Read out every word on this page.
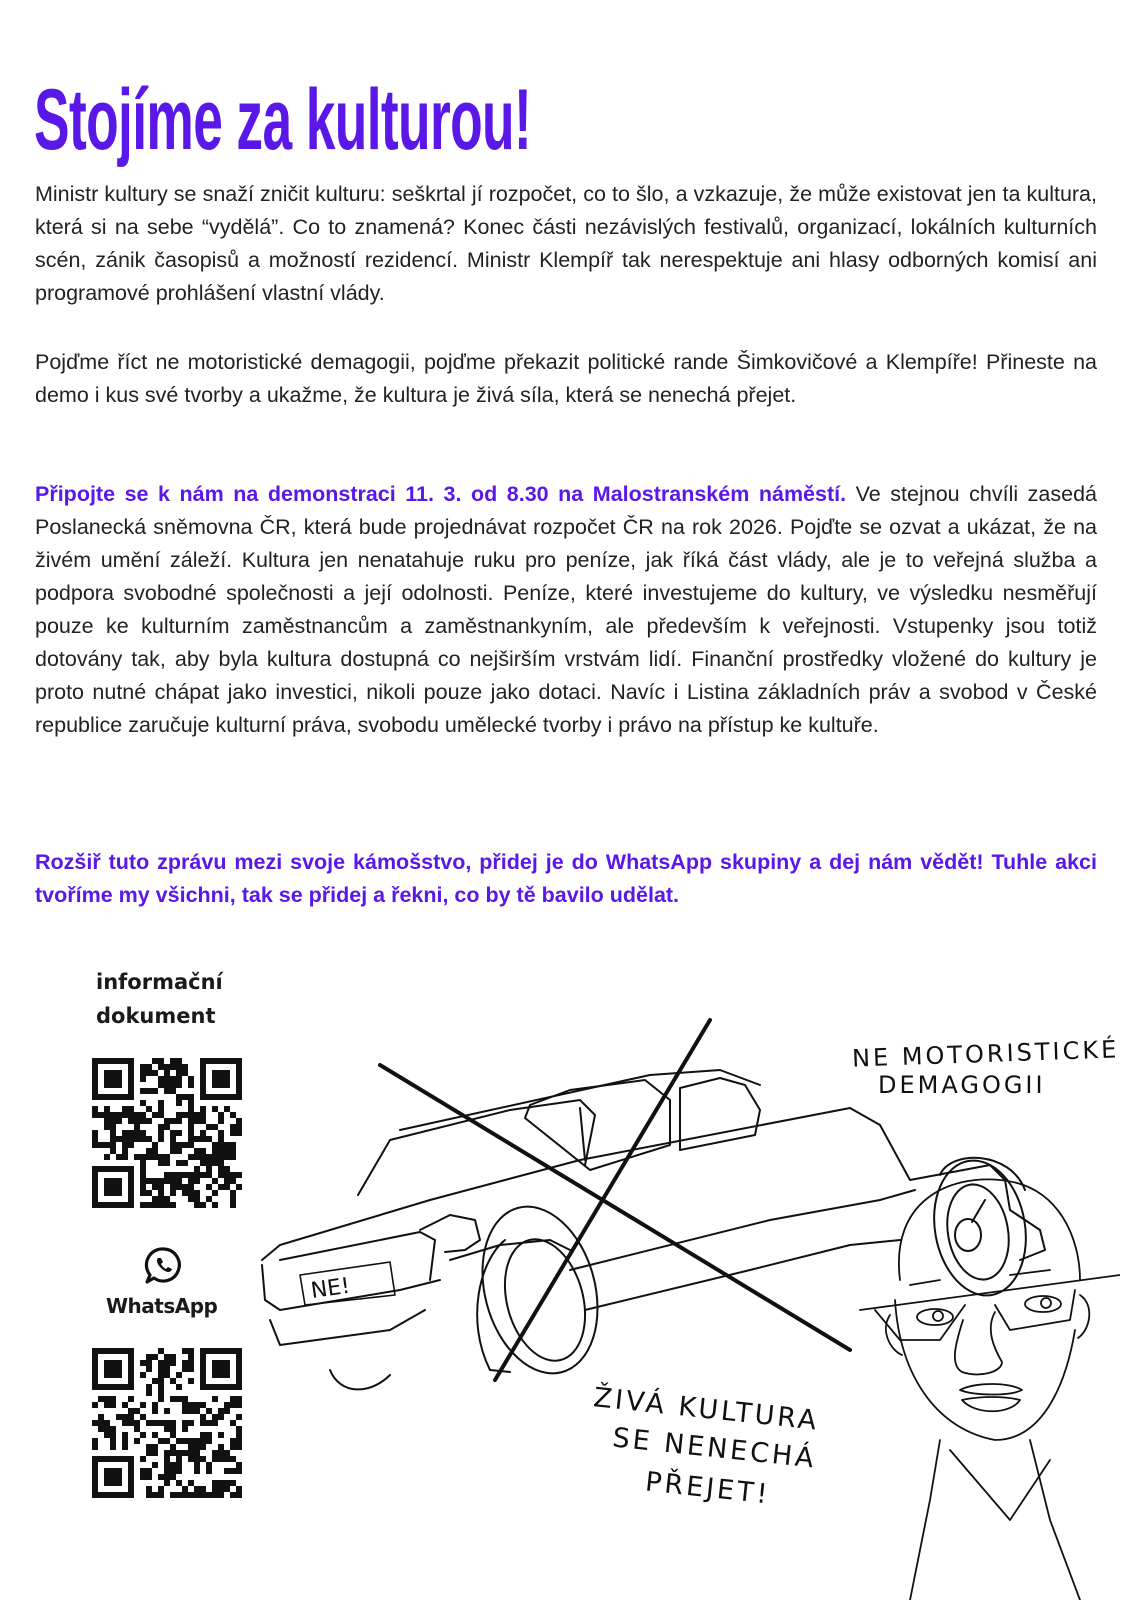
Stojíme za kulturou!

Ministr kultury se snaží zničit kulturu: seškrtal jí rozpočet, co to šlo, a vzkazuje, že může existovat jen ta kultura, která si na sebe “vydělá”. Co to znamená? Konec části nezávislých festivalů, organizací, lokálních kulturních scén, zánik časopisů a možností rezidencí. Ministr Klempíř tak nerespektuje ani hlasy odborných komisí ani programové prohlášení vlastní vlády.

Pojďme říct ne motoristické demagogii, pojďme překazit politické rande Šimkovičové a Klempíře! Přineste na demo i kus své tvorby a ukažme, že kultura je živá síla, která se nenechá přejet.

Připojte se k nám na demonstraci 11. 3. od 8.30 na Malostranském náměstí. Ve stejnou chvíli zasedá Poslanecká sněmovna ČR, která bude projednávat rozpočet ČR na rok 2026. Pojďte se ozvat a ukázat, že na živém umění záleží. Kultura jen nenatahuje ruku pro peníze, jak říká část vlády, ale je to veřejná služba a podpora svobodné společnosti a její odolnosti. Peníze, které investujeme do kultury, ve výsledku nesměřují pouze ke kulturním zaměstnancům a zaměstnankyním, ale především k veřejnosti. Vstupenky jsou totiž dotovány tak, aby byla kultura dostupná co nejširším vrstvám lidí. Finanční prostředky vložené do kultury je proto nutné chápat jako investici, nikoli pouze jako dotaci. Navíc i Listina základních práv a svobod v České republice zaručuje kulturní práva, svobodu umělecké tvorby i právo na přístup ke kultuře.

Rozšiř tuto zprávu mezi svoje kámošstvo, přidej je do WhatsApp skupiny a dej nám vědět! Tuhle akci tvoříme my všichni, tak se přidej a řekni, co by tě bavilo udělat.

informační
dokument
WhatsApp
NE!
NE MOTORISTICKÉ
DEMAGOGII
ŽIVÁ KULTURA
SE NENECHÁ
PŘEJET!
